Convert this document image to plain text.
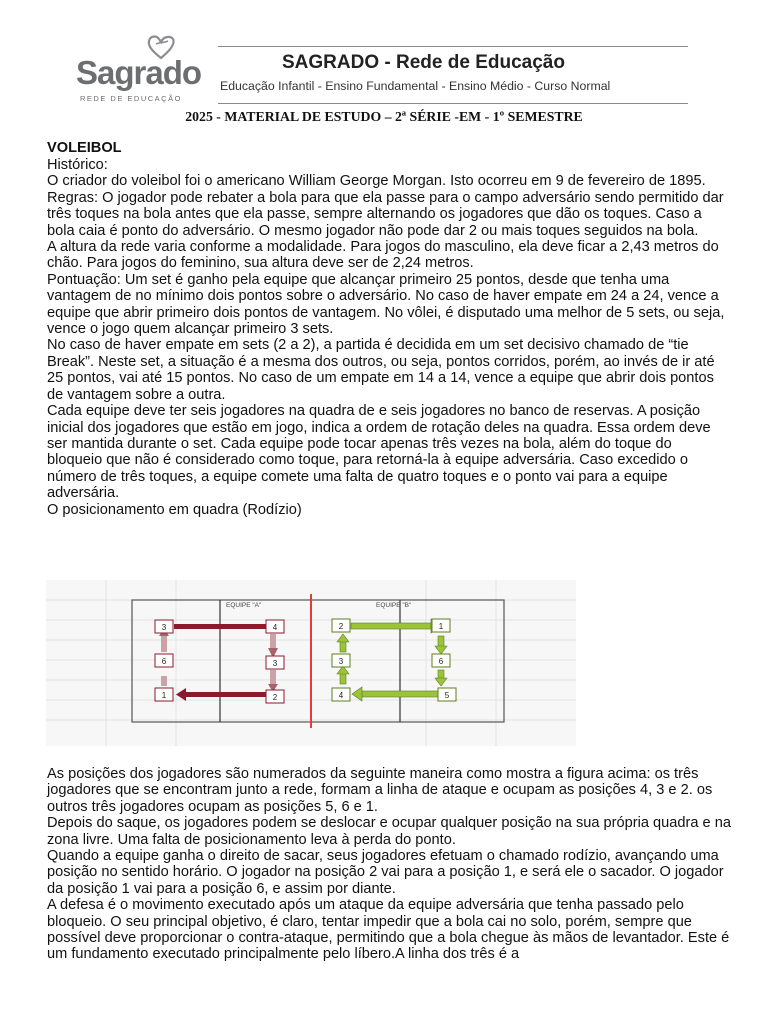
Sagrado
REDE DE EDUCAÇÃO
SAGRADO - Rede de Educação
Educação Infantil - Ensino Fundamental - Ensino Médio - Curso Normal
2025 - MATERIAL DE ESTUDO – 2ª SÉRIE -EM - 1º SEMESTRE
VOLEIBOL

Histórico:

O criador do voleibol foi o americano William George Morgan. Isto ocorreu em 9 de fevereiro de 1895. Regras: O jogador pode rebater a bola para que ela passe para o campo adversário sendo permitido dar três toques na bola antes que ela passe, sempre alternando os jogadores que dão os toques. Caso a bola caia é ponto do adversário. O mesmo jogador não pode dar 2 ou mais toques seguidos na bola.

A altura da rede varia conforme a modalidade. Para jogos do masculino, ela deve ficar a 2,43 metros do chão. Para jogos do feminino, sua altura deve ser de 2,24 metros.

Pontuação: Um set é ganho pela equipe que alcançar primeiro 25 pontos, desde que tenha uma vantagem de no mínimo dois pontos sobre o adversário. No caso de haver empate em 24 a 24, vence a equipe que abrir primeiro dois pontos de vantagem. No vôlei, é disputado uma melhor de 5 sets, ou seja, vence o jogo quem alcançar primeiro 3 sets.

No caso de haver empate em sets (2 a 2), a partida é decidida em um set decisivo chamado de “tie Break”. Neste set, a situação é a mesma dos outros, ou seja, pontos corridos, porém, ao invés de ir até 25 pontos, vai até 15 pontos. No caso de um empate em 14 a 14, vence a equipe que abrir dois pontos de vantagem sobre a outra.

Cada equipe deve ter seis jogadores na quadra de e seis jogadores no banco de reservas. A posição inicial dos jogadores que estão em jogo, indica a ordem de rotação deles na quadra. Essa ordem deve ser mantida durante o set. Cada equipe pode tocar apenas três vezes na bola, além do toque do bloqueio que não é considerado como toque, para retorná-la à equipe adversária. Caso excedido o número de três toques, a equipe comete uma falta de quatro toques e o ponto vai para a equipe adversária.

O posicionamento em quadra (Rodízio)

EQUIPE "A"	EQUIPE "B"
3	4
6	3
1	2
2	1
3	6
4	5

As posições dos jogadores são numerados da seguinte maneira como mostra a figura acima: os três jogadores que se encontram junto a rede, formam a linha de ataque e ocupam as posições 4, 3 e 2. os outros três jogadores ocupam as posições 5, 6 e 1.

Depois do saque, os jogadores podem se deslocar e ocupar qualquer posição na sua própria quadra e na zona livre. Uma falta de posicionamento leva à perda do ponto.

Quando a equipe ganha o direito de sacar, seus jogadores efetuam o chamado rodízio, avançando uma posição no sentido horário. O jogador na posição 2 vai para a posição 1, e será ele o sacador. O jogador da posição 1 vai para a posição 6, e assim por diante.

A defesa é o movimento executado após um ataque da equipe adversária que tenha passado pelo bloqueio. O seu principal objetivo, é claro, tentar impedir que a bola cai no solo, porém, sempre que possível deve proporcionar o contra-ataque, permitindo que a bola chegue às mãos de levantador. Este é um fundamento executado principalmente pelo líbero.A linha dos três é a
